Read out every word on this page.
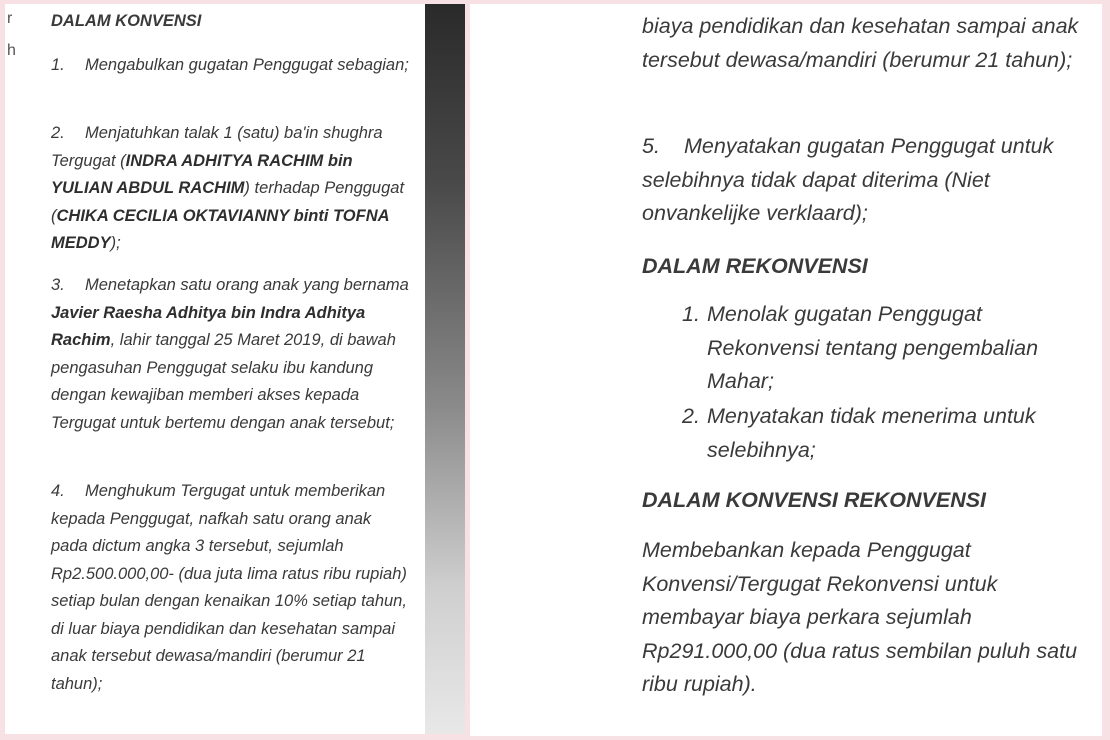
r
h
DALAM KONVENSI
1. Mengabulkan gugatan Penggugat sebagian;
2. Menjatuhkan talak 1 (satu) ba'in shughra Tergugat (INDRA ADHITYA RACHIM bin YULIAN ABDUL RACHIM) terhadap Penggugat (CHIKA CECILIA OKTAVIANNY binti TOFNA MEDDY);
3. Menetapkan satu orang anak yang bernama Javier Raesha Adhitya bin Indra Adhitya Rachim, lahir tanggal 25 Maret 2019, di bawah pengasuhan Penggugat selaku ibu kandung dengan kewajiban memberi akses kepada Tergugat untuk bertemu dengan anak tersebut;
4. Menghukum Tergugat untuk memberikan kepada Penggugat, nafkah satu orang anak pada dictum angka 3 tersebut, sejumlah Rp2.500.000,00- (dua juta lima ratus ribu rupiah) setiap bulan dengan kenaikan 10% setiap tahun, di luar biaya pendidikan dan kesehatan sampai anak tersebut dewasa/mandiri (berumur 21 tahun);
biaya pendidikan dan kesehatan sampai anak tersebut dewasa/mandiri (berumur 21 tahun);
5. Menyatakan gugatan Penggugat untuk selebihnya tidak dapat diterima (Niet onvankelijke verklaard);
DALAM REKONVENSI
1. Menolak gugatan Penggugat Rekonvensi tentang pengembalian Mahar;
2. Menyatakan tidak menerima untuk selebihnya;
DALAM KONVENSI REKONVENSI
Membebankan kepada Penggugat Konvensi/Tergugat Rekonvensi untuk membayar biaya perkara sejumlah Rp291.000,00 (dua ratus sembilan puluh satu ribu rupiah).
